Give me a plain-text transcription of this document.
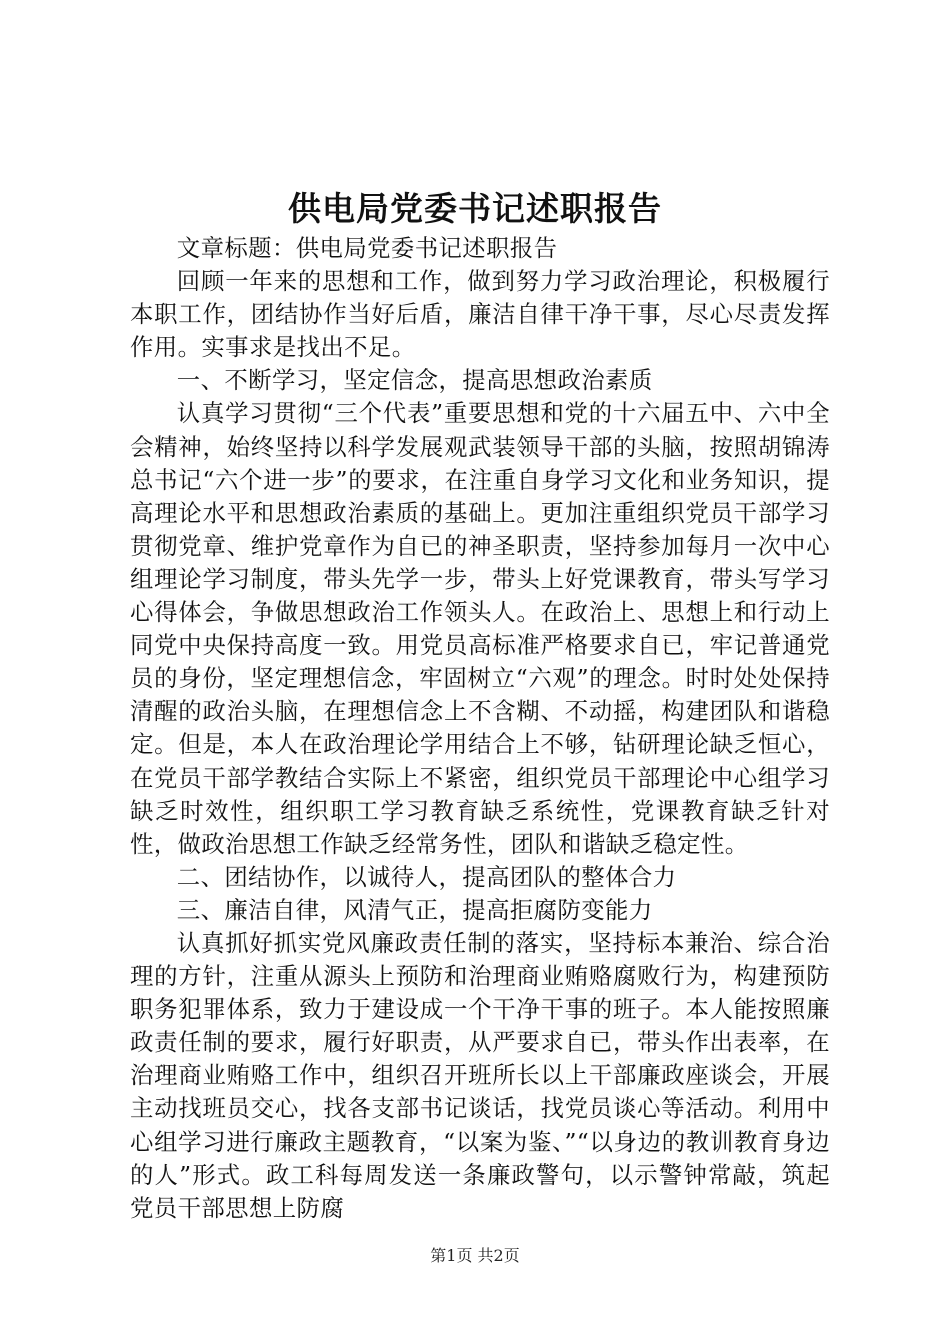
供电局党委书记述职报告

文章标题：供电局党委书记述职报告

回顾一年来的思想和工作，做到努力学习政治理论，积极履行本职工作，团结协作当好后盾，廉洁自律干净干事，尽心尽责发挥作用。实事求是找出不足。

一、不断学习，坚定信念，提高思想政治素质

认真学习贯彻“三个代表”重要思想和党的十六届五中、六中全会精神，始终坚持以科学发展观武装领导干部的头脑，按照胡锦涛总书记“六个进一步”的要求，在注重自身学习文化和业务知识，提高理论水平和思想政治素质的基础上。更加注重组织党员干部学习贯彻党章、维护党章作为自已的神圣职责，坚持参加每月一次中心组理论学习制度，带头先学一步，带头上好党课教育，带头写学习心得体会，争做思想政治工作领头人。在政治上、思想上和行动上同党中央保持高度一致。用党员高标准严格要求自已，牢记普通党员的身份，坚定理想信念，牢固树立“六观”的理念。时时处处保持清醒的政治头脑，在理想信念上不含糊、不动摇，构建团队和谐稳定。但是，本人在政治理论学用结合上不够，钻研理论缺乏恒心，在党员干部学教结合实际上不紧密，组织党员干部理论中心组学习缺乏时效性，组织职工学习教育缺乏系统性，党课教育缺乏针对性，做政治思想工作缺乏经常务性，团队和谐缺乏稳定性。

二、团结协作，以诚待人，提高团队的整体合力

三、廉洁自律，风清气正，提高拒腐防变能力

认真抓好抓实党风廉政责任制的落实，坚持标本兼治、综合治理的方针，注重从源头上预防和治理商业贿赂腐败行为，构建预防职务犯罪体系，致力于建设成一个干净干事的班子。本人能按照廉政责任制的要求，履行好职责，从严要求自已，带头作出表率，在治理商业贿赂工作中，组织召开班所长以上干部廉政座谈会，开展主动找班员交心，找各支部书记谈话，找党员谈心等活动。利用中心组学习进行廉政主题教育，“以案为鉴、”“以身边的教训教育身边的人”形式。政工科每周发送一条廉政警句，以示警钟常敲，筑起党员干部思想上防腐

第1页 共2页
